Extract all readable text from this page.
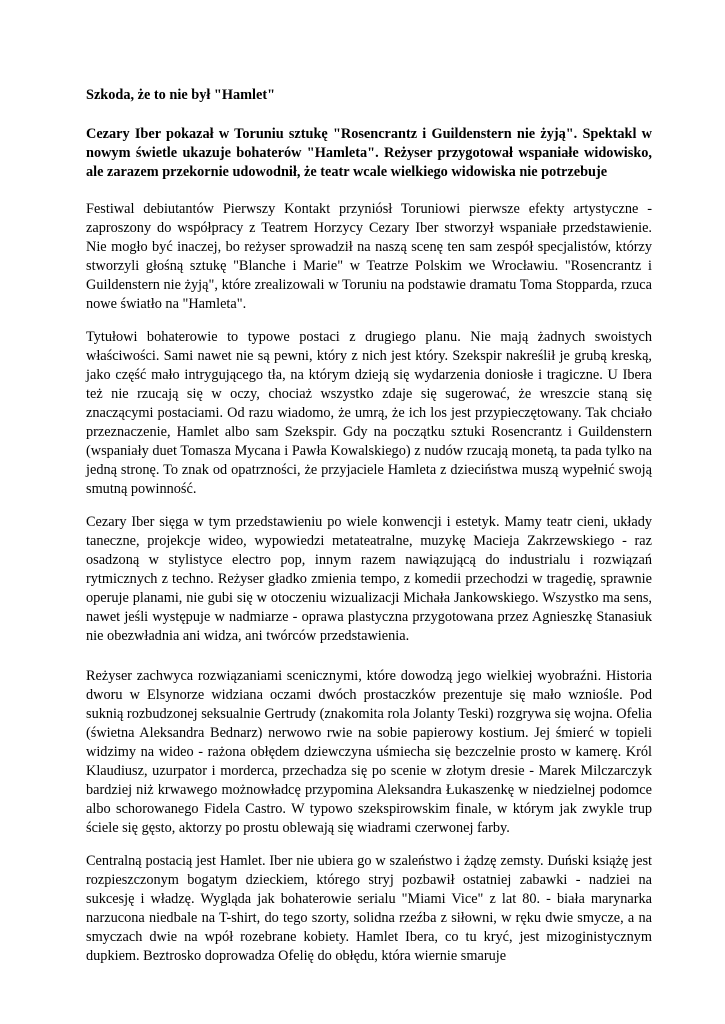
Szkoda, że to nie był "Hamlet"
Cezary Iber pokazał w Toruniu sztukę "Rosencrantz i Guildenstern nie żyją". Spektakl w nowym świetle ukazuje bohaterów "Hamleta". Reżyser przygotował wspaniałe widowisko, ale zarazem przekornie udowodnił, że teatr wcale wielkiego widowiska nie potrzebuje
Festiwal debiutantów Pierwszy Kontakt przyniósł Toruniowi pierwsze efekty artystyczne - zaproszony do współpracy z Teatrem Horzycy Cezary Iber stworzył wspaniałe przedstawienie. Nie mogło być inaczej, bo reżyser sprowadził na naszą scenę ten sam zespół specjalistów, którzy stworzyli głośną sztukę "Blanche i Marie" w Teatrze Polskim we Wrocławiu. "Rosencrantz i Guildenstern nie żyją", które zrealizowali w Toruniu na podstawie dramatu Toma Stopparda, rzuca nowe światło na "Hamleta".
Tytułowi bohaterowie to typowe postaci z drugiego planu. Nie mają żadnych swoistych właściwości. Sami nawet nie są pewni, który z nich jest który. Szekspir nakreślił je grubą kreską, jako część mało intrygującego tła, na którym dzieją się wydarzenia doniosłe i tragiczne. U Ibera też nie rzucają się w oczy, chociaż wszystko zdaje się sugerować, że wreszcie staną się znaczącymi postaciami. Od razu wiadomo, że umrą, że ich los jest przypieczętowany. Tak chciało przeznaczenie, Hamlet albo sam Szekspir. Gdy na początku sztuki Rosencrantz i Guildenstern (wspaniały duet Tomasza Mycana i Pawła Kowalskiego) z nudów rzucają monetą, ta pada tylko na jedną stronę. To znak od opatrzności, że przyjaciele Hamleta z dzieciństwa muszą wypełnić swoją smutną powinność.
Cezary Iber sięga w tym przedstawieniu po wiele konwencji i estetyk. Mamy teatr cieni, układy taneczne, projekcje wideo, wypowiedzi metateatralne, muzykę Macieja Zakrzewskiego - raz osadzoną w stylistyce electro pop, innym razem nawiązującą do industrialu i rozwiązań rytmicznych z techno. Reżyser gładko zmienia tempo, z komedii przechodzi w tragedię, sprawnie operuje planami, nie gubi się w otoczeniu wizualizacji Michała Jankowskiego. Wszystko ma sens, nawet jeśli występuje w nadmiarze - oprawa plastyczna przygotowana przez Agnieszkę Stanasiuk nie obezwładnia ani widza, ani twórców przedstawienia.
Reżyser zachwyca rozwiązaniami scenicznymi, które dowodzą jego wielkiej wyobraźni. Historia dworu w Elsynorze widziana oczami dwóch prostaczków prezentuje się mało wzniośle. Pod suknią rozbudzonej seksualnie Gertrudy (znakomita rola Jolanty Teski) rozgrywa się wojna. Ofelia (świetna Aleksandra Bednarz) nerwowo rwie na sobie papierowy kostium. Jej śmierć w topieli widzimy na wideo - rażona obłędem dziewczyna uśmiecha się bezczelnie prosto w kamerę. Król Klaudiusz, uzurpator i morderca, przechadza się po scenie w złotym dresie - Marek Milczarczyk bardziej niż krwawego możnowładcę przypomina Aleksandra Łukaszenkę w niedzielnej podomce albo schorowanego Fidela Castro. W typowo szekspirowskim finale, w którym jak zwykle trup ściele się gęsto, aktorzy po prostu oblewają się wiadrami czerwonej farby.
Centralną postacią jest Hamlet. Iber nie ubiera go w szaleństwo i żądzę zemsty. Duński książę jest rozpieszczonym bogatym dzieckiem, którego stryj pozbawił ostatniej zabawki - nadziei na sukcesję i władzę. Wygląda jak bohaterowie serialu "Miami Vice" z lat 80. - biała marynarka narzucona niedbale na T-shirt, do tego szorty, solidna rzeźba z siłowni, w ręku dwie smycze, a na smyczach dwie na wpół rozebrane kobiety. Hamlet Ibera, co tu kryć, jest mizoginistycznym dupkiem. Beztrosko doprowadza Ofelię do obłędu, która wiernie smaruje
